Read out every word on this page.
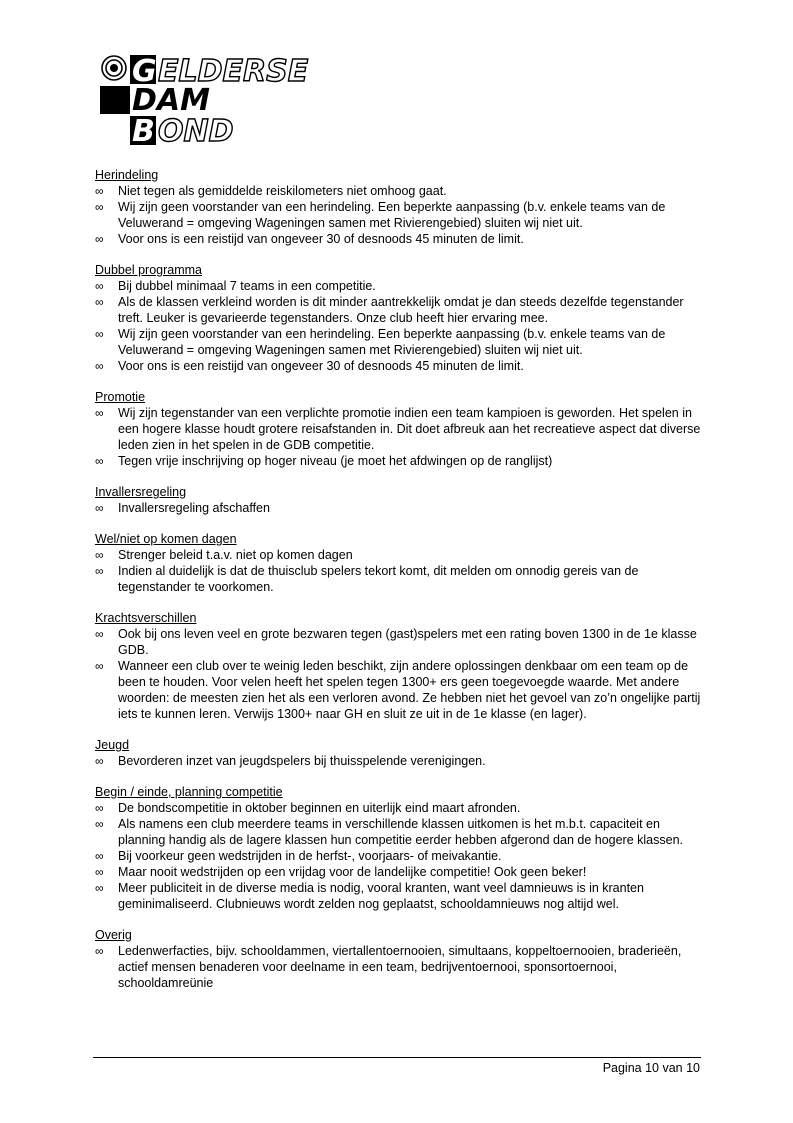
G ELDERSE
DAM
B OND
Herindeling
∞	Niet tegen als gemiddelde reiskilometers niet omhoog gaat.
∞	Wij zijn geen voorstander van een herindeling. Een beperkte aanpassing (b.v. enkele teams van de Veluwerand = omgeving Wageningen samen met Rivierengebied) sluiten wij niet uit.
∞	Voor ons is een reistijd van ongeveer 30 of desnoods 45 minuten de limit.
Dubbel programma
∞	Bij dubbel minimaal 7 teams in een competitie.
∞	Als de klassen verkleind worden is dit minder aantrekkelijk omdat je dan steeds dezelfde tegenstander treft. Leuker is gevarieerde tegenstanders. Onze club heeft hier ervaring mee.
∞	Wij zijn geen voorstander van een herindeling. Een beperkte aanpassing (b.v. enkele teams van de Veluwerand = omgeving Wageningen samen met Rivierengebied) sluiten wij niet uit.
∞	Voor ons is een reistijd van ongeveer 30 of desnoods 45 minuten de limit.
Promotie
∞	Wij zijn tegenstander van een verplichte promotie indien een team kampioen is geworden. Het spelen in een hogere klasse houdt grotere reisafstanden in. Dit doet afbreuk aan het recreatieve aspect dat diverse leden zien in het spelen in de GDB competitie.
∞	Tegen vrije inschrijving op hoger niveau (je moet het afdwingen op de ranglijst)
Invallersregeling
∞	Invallersregeling afschaffen
Wel/niet op komen dagen
∞	Strenger beleid t.a.v. niet op komen dagen
∞	Indien al duidelijk is dat de thuisclub spelers tekort komt, dit melden om onnodig gereis van de tegenstander te voorkomen.
Krachtsverschillen
∞	Ook bij ons leven veel en grote bezwaren tegen (gast)spelers met een rating boven 1300 in de 1e klasse GDB.
∞	Wanneer een club over te weinig leden beschikt, zijn andere oplossingen denkbaar om een team op de been te houden. Voor velen heeft het spelen tegen 1300+ ers geen toegevoegde waarde. Met andere woorden: de meesten zien het als een verloren avond. Ze hebben niet het gevoel van zo’n ongelijke partij iets te kunnen leren. Verwijs 1300+ naar GH en sluit ze uit in de 1e klasse (en lager).
Jeugd
∞	Bevorderen inzet van jeugdspelers bij thuisspelende verenigingen.
Begin / einde, planning competitie
∞	De bondscompetitie in oktober beginnen en uiterlijk eind maart afronden.
∞	Als namens een club meerdere teams in verschillende klassen uitkomen is het m.b.t. capaciteit en planning handig als de lagere klassen hun competitie eerder hebben afgerond dan de hogere klassen.
∞	Bij voorkeur geen wedstrijden in de herfst-, voorjaars- of meivakantie.
∞	Maar nooit wedstrijden op een vrijdag voor de landelijke competitie! Ook geen beker!
∞	Meer publiciteit in de diverse media is nodig, vooral kranten, want veel damnieuws is in kranten geminimaliseerd. Clubnieuws wordt zelden nog geplaatst, schooldamnieuws nog altijd wel.
Overig
∞	Ledenwerfacties, bijv. schooldammen, viertallentoernooien, simultaans, koppeltoernooien, braderieën, actief mensen benaderen voor deelname in een team, bedrijventoernooi, sponsortoernooi, schooldamreünie
Pagina 10 van 10
